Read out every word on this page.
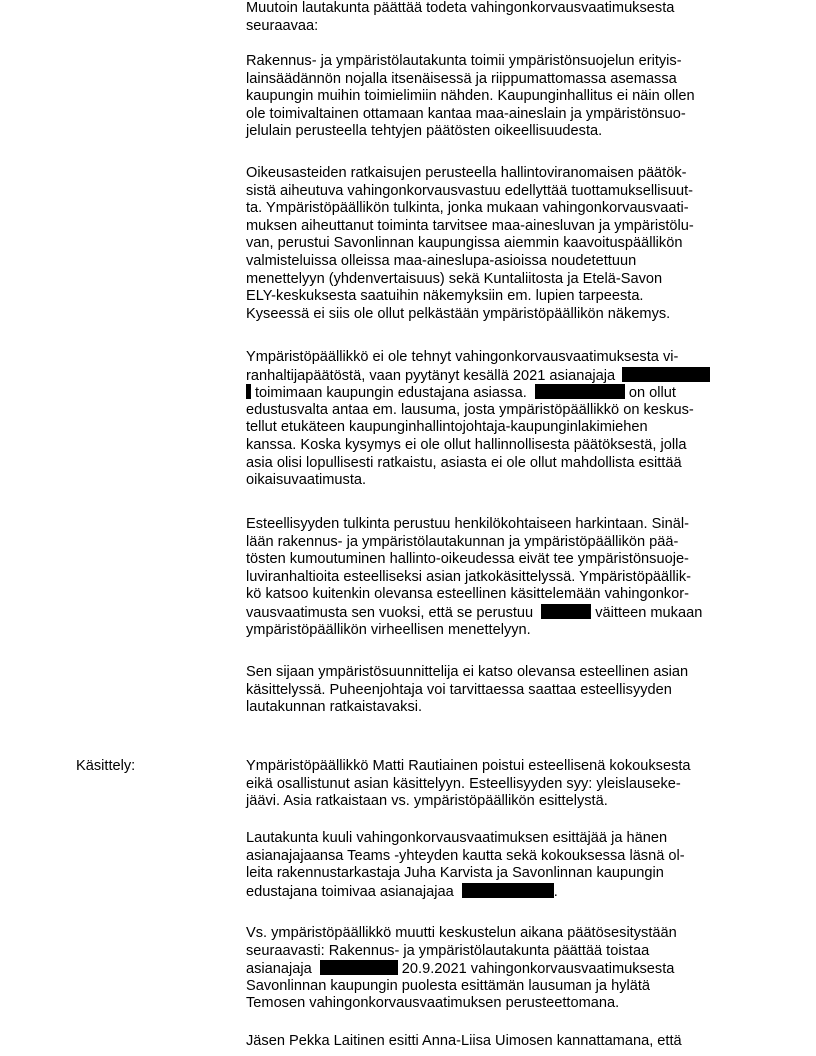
Muutoin lautakunta päättää todeta vahingonkorvausvaatimuksesta
seuraavaa:
Rakennus- ja ympäristölautakunta toimii ympäristönsuojelun erityis-
lainsäädännön nojalla itsenäisessä ja riippumattomassa asemassa
kaupungin muihin toimielimiin nähden. Kaupunginhallitus ei näin ollen
ole toimivaltainen ottamaan kantaa maa-aineslain ja ympäristönsuo-
jelulain perusteella tehtyjen päätösten oikeellisuudesta.
Oikeusasteiden ratkaisujen perusteella hallintoviranomaisen päätök-
sistä aiheutuva vahingonkorvausvastuu edellyttää tuottamuksellisuut-
ta. Ympäristöpäällikön tulkinta, jonka mukaan vahingonkorvausvaati-
muksen aiheuttanut toiminta tarvitsee maa-ainesluvan ja ympäristölu-
van, perustui Savonlinnan kaupungissa aiemmin kaavoituspäällikön
valmisteluissa olleissa maa-aineslupa-asioissa noudetettuun
menettelyyn (yhdenvertaisuus) sekä Kuntaliitosta ja Etelä-Savon
ELY-keskuksesta saatuihin näkemyksiin em. lupien tarpeesta.
Kyseessä ei siis ole ollut pelkästään ympäristöpäällikön näkemys.
Ympäristöpäällikkö ei ole tehnyt vahingonkorvausvaatimuksesta vi-
ranhaltijapäätöstä, vaan pyytänyt kesällä 2021 asianajaja
toimimaan kaupungin edustajana asiassa.	on ollut
edustusvalta antaa em. lausuma, josta ympäristöpäällikkö on keskus-
tellut etukäteen kaupunginhallintojohtaja-kaupunginlakimiehen
kanssa. Koska kysymys ei ole ollut hallinnollisesta päätöksestä, jolla
asia olisi lopullisesti ratkaistu, asiasta ei ole ollut mahdollista esittää
oikaisuvaatimusta.
Esteellisyyden tulkinta perustuu henkilökohtaiseen harkintaan. Sinäl-
lään rakennus- ja ympäristölautakunnan ja ympäristöpäällikön pää-
tösten kumoutuminen hallinto-oikeudessa eivät tee ympäristönsuoje-
luviranhaltioita esteelliseksi asian jatkokäsittelyssä. Ympäristöpäällik-
kö katsoo kuitenkin olevansa esteellinen käsittelemään vahingonkor-
vausvaatimusta sen vuoksi, että se perustuu	väitteen mukaan
ympäristöpäällikön virheellisen menettelyyn.
Sen sijaan ympäristösuunnittelija ei katso olevansa esteellinen asian
käsittelyssä. Puheenjohtaja voi tarvittaessa saattaa esteellisyyden
lautakunnan ratkaistavaksi.
Käsittely:	Ympäristöpäällikkö Matti Rautiainen poistui esteellisenä kokouksesta
eikä osallistunut asian käsittelyyn. Esteellisyyden syy: yleislauseke-
jäävi. Asia ratkaistaan vs. ympäristöpäällikön esittelystä.
Lautakunta kuuli vahingonkorvausvaatimuksen esittäjää ja hänen
asianajajaansa Teams -yhteyden kautta sekä kokouksessa läsnä ol-
leita rakennustarkastaja Juha Karvista ja Savonlinnan kaupungin
edustajana toimivaa asianajajaa	.
Vs. ympäristöpäällikkö muutti keskustelun aikana päätösesitystään
seuraavasti: Rakennus- ja ympäristölautakunta päättää toistaa
asianajaja	20.9.2021 vahingonkorvausvaatimuksesta
Savonlinnan kaupungin puolesta esittämän lausuman ja hylätä
Temosen vahingonkorvausvaatimuksen perusteettomana.
Jäsen Pekka Laitinen esitti Anna-Liisa Uimosen kannattamana, että
